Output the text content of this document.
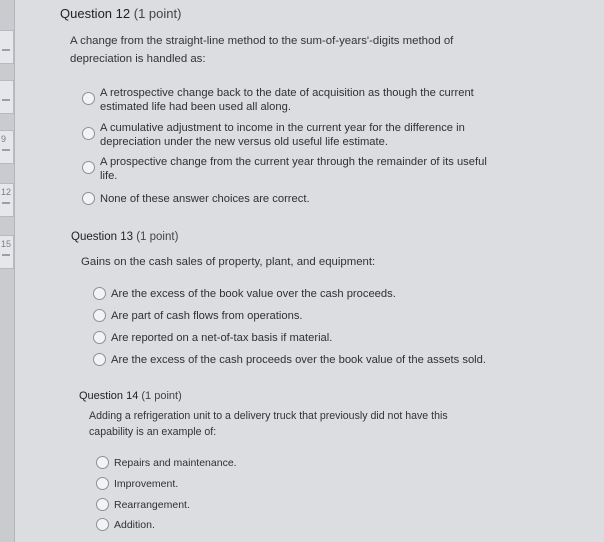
9
12
15
Question 12 (1 point)
A change from the straight-line method to the sum-of-years'-digits method of
depreciation is handled as:
A retrospective change back to the date of acquisition as though the current
estimated life had been used all along.
A cumulative adjustment to income in the current year for the difference in
depreciation under the new versus old useful life estimate.
A prospective change from the current year through the remainder of its useful
life.
None of these answer choices are correct.
Question 13 (1 point)
Gains on the cash sales of property, plant, and equipment:
Are the excess of the book value over the cash proceeds.
Are part of cash flows from operations.
Are reported on a net-of-tax basis if material.
Are the excess of the cash proceeds over the book value of the assets sold.
Question 14 (1 point)
Adding a refrigeration unit to a delivery truck that previously did not have this
capability is an example of:
Repairs and maintenance.
Improvement.
Rearrangement.
Addition.
